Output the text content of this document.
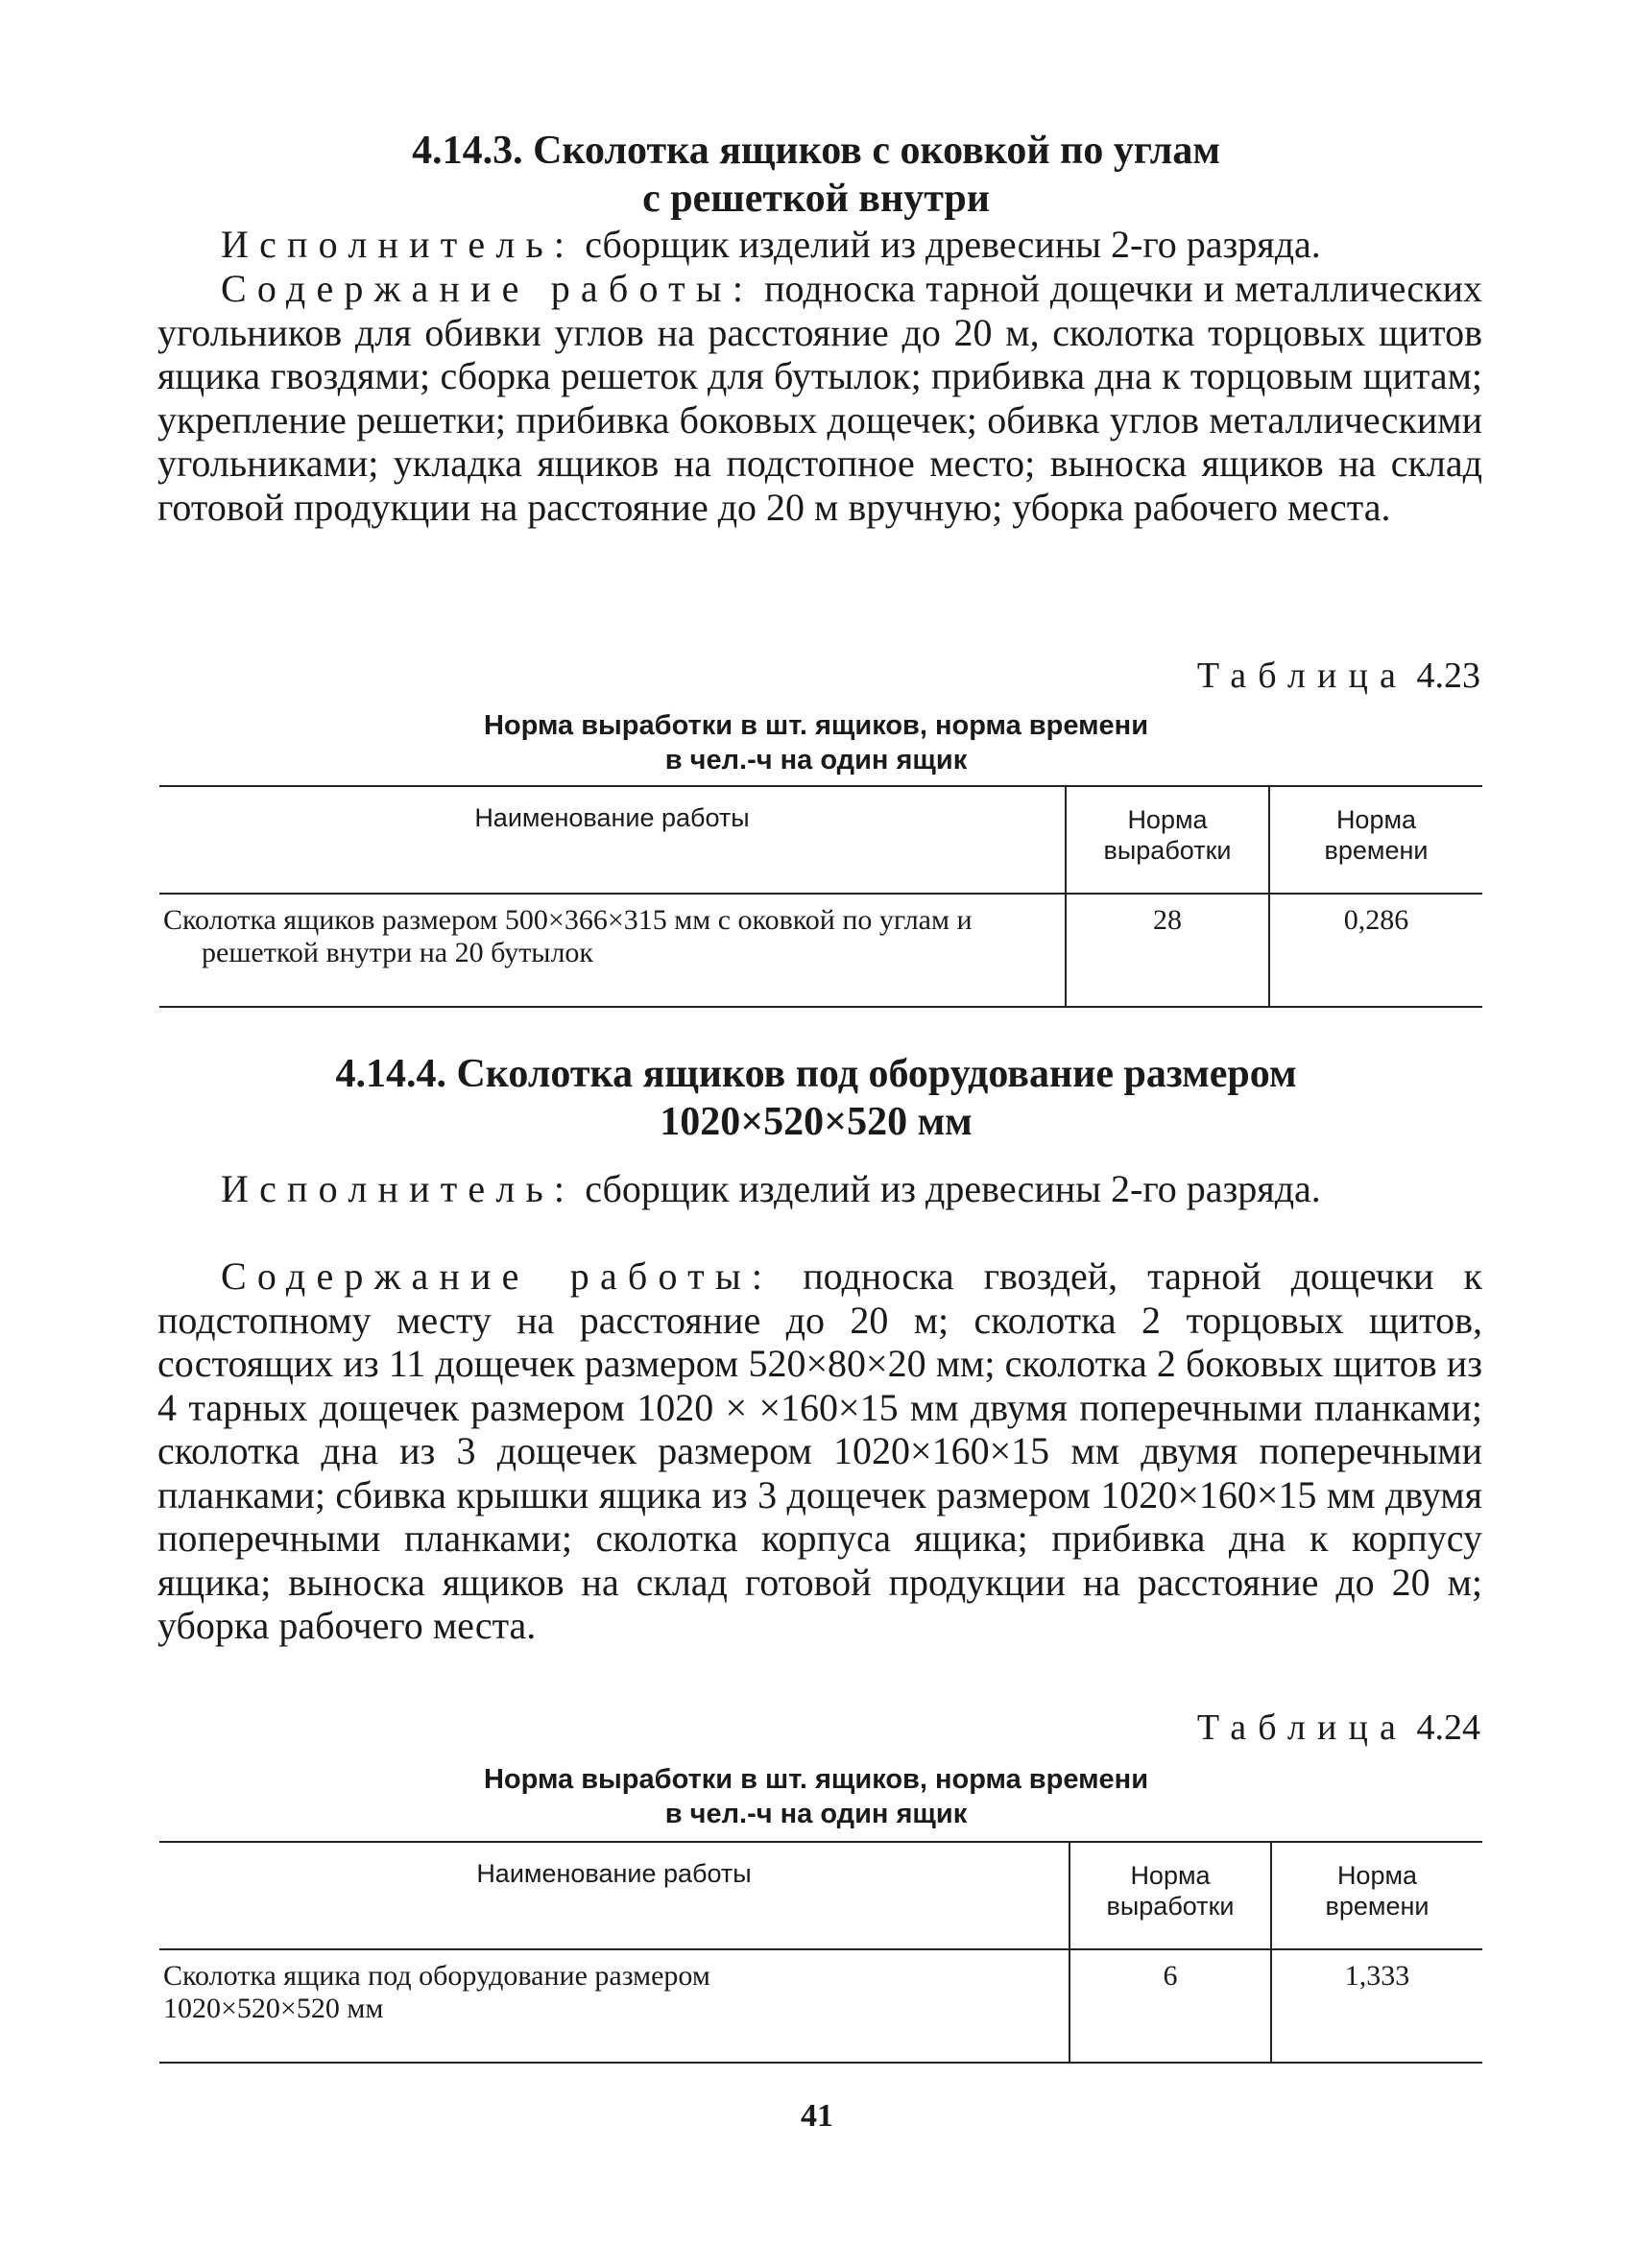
4.14.3. Сколотка ящиков с оковкой по углам
с решеткой внутри

Исполнитель: сборщик изделий из древесины 2-го разряда.

Содержание работы: подноска тарной дощечки и металлических угольников для обивки углов на расстояние до 20 м, сколотка торцовых щитов ящика гвоздями; сборка решеток для бутылок; прибивка дна к торцовым щитам; укрепление решетки; прибивка боковых дощечек; обивка углов металлическими угольниками; укладка ящиков на подстопное место; выноска ящиков на склад готовой продукции на расстояние до 20 м вручную; уборка рабочего места.

Таблица 4.23
Норма выработки в шт. ящиков, норма времени
в чел.-ч на один ящик
Наименование работы	Норма выработки	Норма времени

Сколотка ящиков размером 500×366×315 мм с оковкой по углам и решеткой внутри на 20 бутылок	28	0,286
4.14.4. Сколотка ящиков под оборудование размером
1020×520×520 мм

Исполнитель: сборщик изделий из древесины 2-го разряда.

Содержание работы: подноска гвоздей, тарной дощечки к подстопному месту на расстояние до 20 м; сколотка 2 торцовых щитов, состоящих из 11 дощечек размером 520×80×20 мм; сколотка 2 боковых щитов из 4 тарных дощечек размером 1020 × ×160×15 мм двумя поперечными планками; сколотка дна из 3 дощечек размером 1020×160×15 мм двумя поперечными планками; сбивка крышки ящика из 3 дощечек размером 1020×160×15 мм двумя поперечными планками; сколотка корпуса ящика; прибивка дна к корпусу ящика; выноска ящиков на склад готовой продукции на расстояние до 20 м; уборка рабочего места.

Таблица 4.24
Норма выработки в шт. ящиков, норма времени
в чел.-ч на один ящик
Наименование работы	Норма выработки	Норма времени
Сколотка ящика под оборудование размером 1020×520×520 мм	6	1,333
41
